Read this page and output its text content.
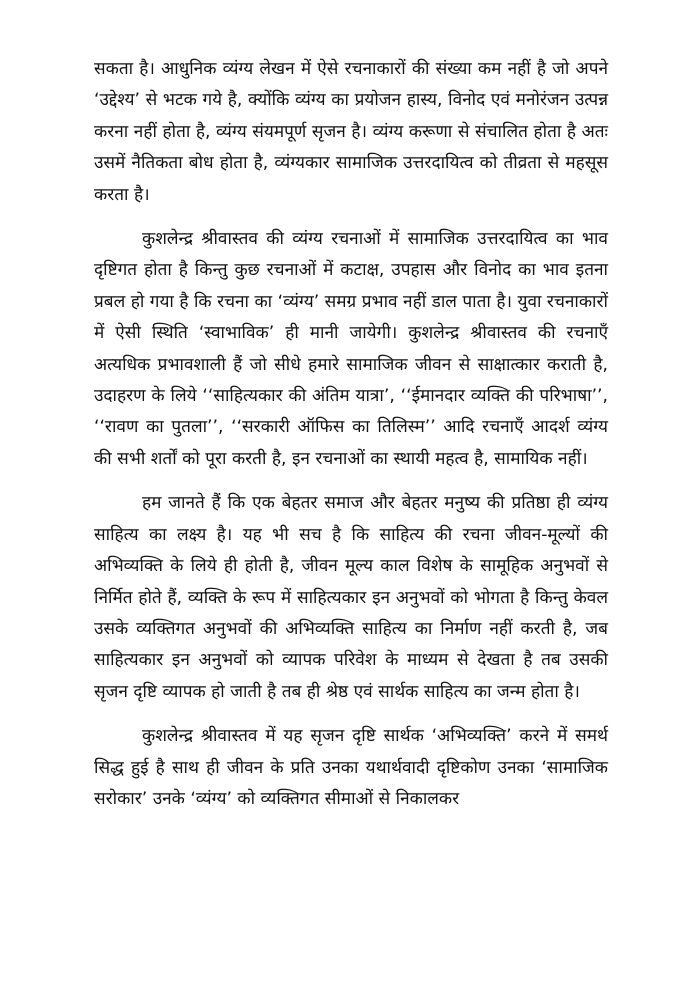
सकता है। आधुनिक व्यंग्य लेखन में ऐसे रचनाकारों की संख्या कम नहीं है जो अपने ‘उद्देश्य’ से भटक गये है, क्योंकि व्यंग्य का प्रयोजन हास्य, विनोद एवं मनोरंजन उत्पन्न करना नहीं होता है, व्यंग्य संयमपूर्ण सृजन है। व्यंग्य करूणा से संचालित होता है अतः उसमें नैतिकता बोध होता है, व्यंग्यकार सामाजिक उत्तरदायित्व को तीव्रता से महसूस करता है।

कुशलेन्द्र श्रीवास्तव की व्यंग्य रचनाओं में सामाजिक उत्तरदायित्व का भाव दृष्टिगत होता है किन्तु कुछ रचनाओं में कटाक्ष, उपहास और विनोद का भाव इतना प्रबल हो गया है कि रचना का ‘व्यंग्य’ समग्र प्रभाव नहीं डाल पाता है। युवा रचनाकारों में ऐसी स्थिति ‘स्वाभाविक’ ही मानी जायेगी। कुशलेन्द्र श्रीवास्तव की रचनाएँ अत्यधिक प्रभावशाली हैं जो सीधे हमारे सामाजिक जीवन से साक्षात्कार कराती है, उदाहरण के लिये ‘‘साहित्यकार की अंतिम यात्रा’, ‘‘ईमानदार व्यक्ति की परिभाषा’’, ‘‘रावण का पुतला’’, ‘‘सरकारी ऑफिस का तिलिस्म’’ आदि रचनाएँ आदर्श व्यंग्य की सभी शर्तों को पूरा करती है, इन रचनाओं का स्थायी महत्व है, सामायिक नहीं।

हम जानते हैं कि एक बेहतर समाज और बेहतर मनुष्य की प्रतिष्ठा ही व्यंग्य साहित्य का लक्ष्य है। यह भी सच है कि साहित्य की रचना जीवन-मूल्यों की अभिव्यक्ति के लिये ही होती है, जीवन मूल्य काल विशेष के सामूहिक अनुभवों से निर्मित होते हैं, व्यक्ति के रूप में साहित्यकार इन अनुभवों को भोगता है किन्तु केवल उसके व्यक्तिगत अनुभवों की अभिव्यक्ति साहित्य का निर्माण नहीं करती है, जब साहित्यकार इन अनुभवों को व्यापक परिवेश के माध्यम से देखता है तब उसकी सृजन दृष्टि व्यापक हो जाती है तब ही श्रेष्ठ एवं सार्थक साहित्य का जन्म होता है।

कुशलेन्द्र श्रीवास्तव में यह सृजन दृष्टि सार्थक ‘अभिव्यक्ति’ करने में समर्थ सिद्ध हुई है साथ ही जीवन के प्रति उनका यथार्थवादी दृष्टिकोण उनका ‘सामाजिक सरोकार’ उनके ‘व्यंग्य’ को व्यक्तिगत सीमाओं से निकालकर
